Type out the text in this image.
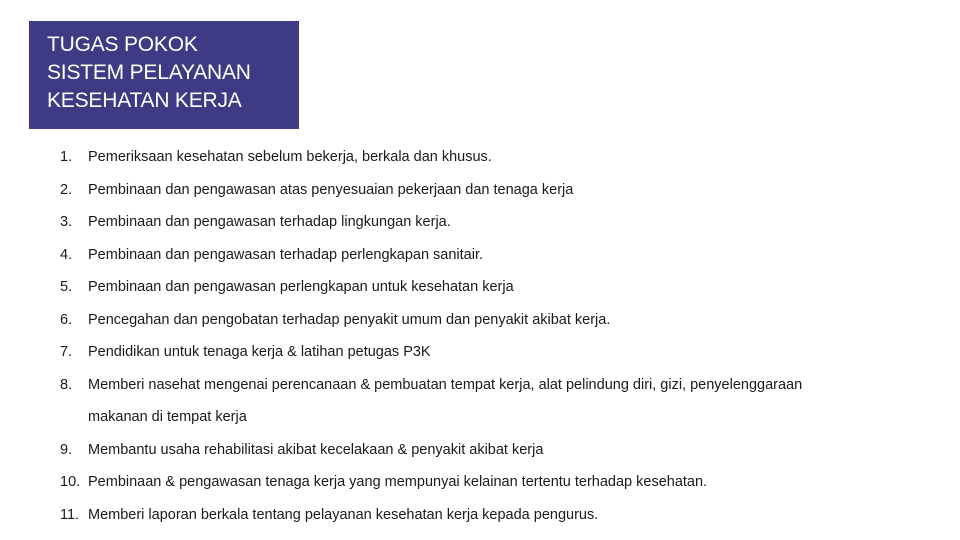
TUGAS POKOK
SISTEM PELAYANAN
KESEHATAN KERJA
1.	Pemeriksaan kesehatan sebelum bekerja, berkala dan khusus.
2.	Pembinaan dan pengawasan atas penyesuaian pekerjaan dan tenaga kerja
3.	Pembinaan dan pengawasan terhadap lingkungan kerja.
4.	Pembinaan dan pengawasan terhadap perlengkapan sanitair.
5.	Pembinaan dan pengawasan perlengkapan untuk kesehatan kerja
6.	Pencegahan dan pengobatan terhadap penyakit umum dan penyakit akibat kerja.
7.	Pendidikan untuk tenaga kerja & latihan petugas P3K
8.	Memberi nasehat mengenai perencanaan & pembuatan tempat kerja, alat pelindung diri, gizi, penyelenggaraan
makanan di tempat kerja
9.	Membantu usaha rehabilitasi akibat kecelakaan & penyakit akibat kerja
10. Pembinaan & pengawasan tenaga kerja yang mempunyai kelainan tertentu terhadap kesehatan.
11. Memberi laporan berkala tentang pelayanan kesehatan kerja kepada pengurus.
